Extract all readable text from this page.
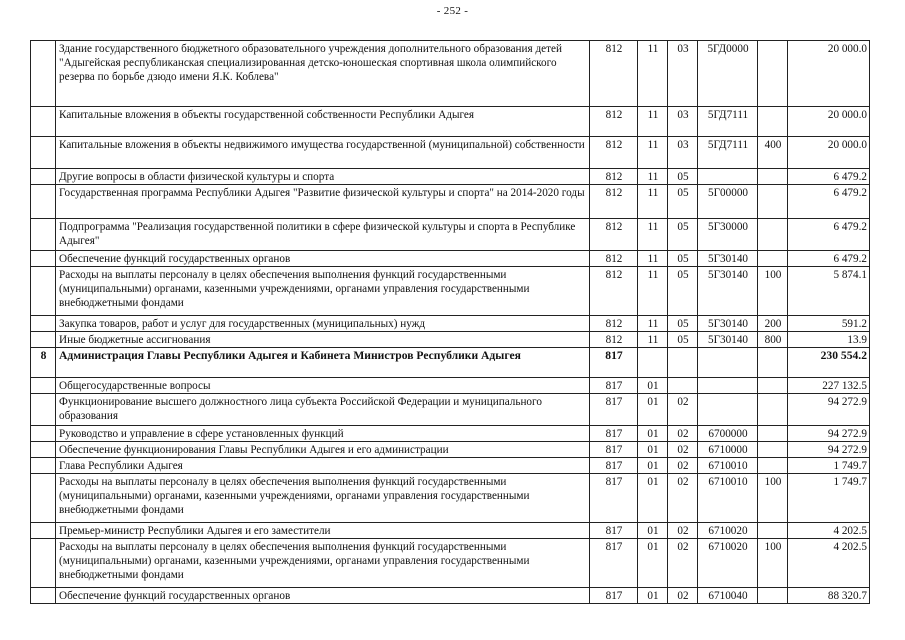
- 252 -
	Здание государственного бюджетного образовательного учреждения дополнительного образования детей "Адыгейская республиканская специализированная детско-юношеская спортивная школа олимпийского резерва по борьбе дзюдо имени Я.К. Коблева"	812	11	03	5ГД0000		20 000.0
	Капитальные вложения в объекты государственной собственности Республики Адыгея	812	11	03	5ГД7111		20 000.0
	Капитальные вложения в объекты недвижимого имущества государственной (муниципальной) собственности	812	11	03	5ГД7111	400	20 000.0
	Другие вопросы в области физической культуры и спорта	812	11	05			6 479.2
	Государственная программа Республики Адыгея "Развитие физической культуры и спорта" на 2014-2020 годы	812	11	05	5Г00000		6 479.2
	Подпрограмма "Реализация государственной политики в сфере физической культуры и спорта в Республике Адыгея"	812	11	05	5Г30000		6 479.2
	Обеспечение функций государственных органов	812	11	05	5Г30140		6 479.2
	Расходы на выплаты персоналу в целях обеспечения выполнения функций государственными (муниципальными) органами, казенными учреждениями, органами управления государственными внебюджетными фондами	812	11	05	5Г30140	100	5 874.1
	Закупка товаров, работ и услуг для государственных (муниципальных) нужд	812	11	05	5Г30140	200	591.2
	Иные бюджетные ассигнования	812	11	05	5Г30140	800	13.9
8	Администрация Главы Республики Адыгея и Кабинета Министров Республики Адыгея	817					230 554.2
	Общегосударственные вопросы	817	01				227 132.5
	Функционирование высшего должностного лица субъекта Российской Федерации и муниципального образования	817	01	02			94 272.9
	Руководство и управление в сфере установленных функций	817	01	02	6700000		94 272.9
	Обеспечение функционирования Главы Республики Адыгея и его администрации	817	01	02	6710000		94 272.9
	Глава Республики Адыгея	817	01	02	6710010		1 749.7
	Расходы на выплаты персоналу в целях обеспечения выполнения функций государственными (муниципальными) органами, казенными учреждениями, органами управления государственными внебюджетными фондами	817	01	02	6710010	100	1 749.7
	Премьер-министр Республики Адыгея и его заместители	817	01	02	6710020		4 202.5
	Расходы на выплаты персоналу в целях обеспечения выполнения функций государственными (муниципальными) органами, казенными учреждениями, органами управления государственными внебюджетными фондами	817	01	02	6710020	100	4 202.5
	Обеспечение функций государственных органов	817	01	02	6710040		88 320.7
